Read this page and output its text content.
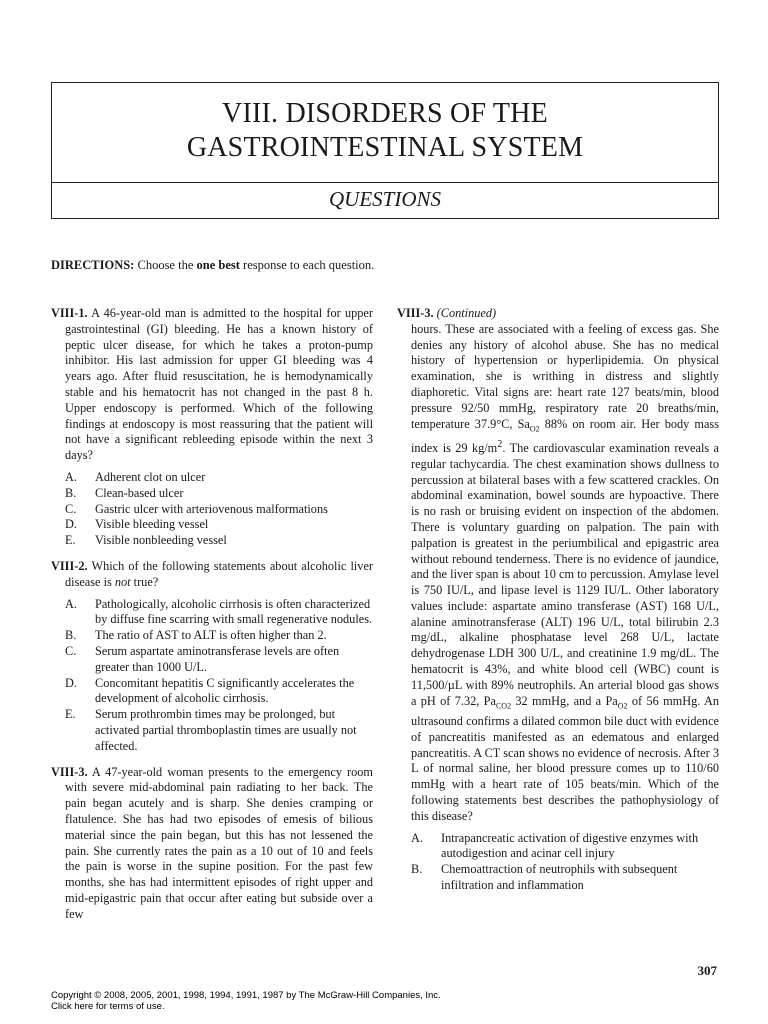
VIII. DISORDERS OF THE
GASTROINTESTINAL SYSTEM
QUESTIONS
DIRECTIONS: Choose the one best response to each question.

VIII-1. A 46-year-old man is admitted to the hospital for upper gastrointestinal (GI) bleeding. He has a known history of peptic ulcer disease, for which he takes a proton-pump inhibitor. His last admission for upper GI bleeding was 4 years ago. After fluid resuscitation, he is hemodynamically stable and his hematocrit has not changed in the past 8 h. Upper endoscopy is performed. Which of the following findings at endoscopy is most reassuring that the patient will not have a significant rebleeding episode within the next 3 days?

A. Adherent clot on ulcer
B. Clean-based ulcer
C. Gastric ulcer with arteriovenous malformations
D. Visible bleeding vessel
E. Visible nonbleeding vessel

VIII-2. Which of the following statements about alcoholic liver disease is not true?

A. Pathologically, alcoholic cirrhosis is often characterized by diffuse fine scarring with small regenerative nodules.
B. The ratio of AST to ALT is often higher than 2.
C. Serum aspartate aminotransferase levels are often greater than 1000 U/L.
D. Concomitant hepatitis C significantly accelerates the development of alcoholic cirrhosis.
E. Serum prothrombin times may be prolonged, but activated partial thromboplastin times are usually not affected.

VIII-3. A 47-year-old woman presents to the emergency room with severe mid-abdominal pain radiating to her back. The pain began acutely and is sharp. She denies cramping or flatulence. She has had two episodes of emesis of bilious material since the pain began, but this has not lessened the pain. She currently rates the pain as a 10 out of 10 and feels the pain is worse in the supine position. For the past few months, she has had intermittent episodes of right upper and mid-epigastric pain that occur after eating but subside over a few

VIII-3. (Continued)

hours. These are associated with a feeling of excess gas. She denies any history of alcohol abuse. She has no medical history of hypertension or hyperlipidemia. On physical examination, she is writhing in distress and slightly diaphoretic. Vital signs are: heart rate 127 beats/min, blood pressure 92/50 mmHg, respiratory rate 20 breaths/min, temperature 37.9°C, $Sa_{O2}$ 88% on room air. Her body mass index is 29 $kg/m^2$. The cardiovascular examination reveals a regular tachycardia. The chest examination shows dullness to percussion at bilateral bases with a few scattered crackles. On abdominal examination, bowel sounds are hypoactive. There is no rash or bruising evident on inspection of the abdomen. There is voluntary guarding on palpation. The pain with palpation is greatest in the periumbilical and epigastric area without rebound tenderness. There is no evidence of jaundice, and the liver span is about 10 cm to percussion. Amylase level is 750 IU/L, and lipase level is 1129 IU/L. Other laboratory values include: aspartate amino transferase (AST) 168 U/L, alanine aminotransferase (ALT) 196 U/L, total bilirubin 2.3 mg/dL, alkaline phosphatase level 268 U/L, lactate dehydrogenase LDH 300 U/L, and creatinine 1.9 mg/dL. The hematocrit is 43%, and white blood cell (WBC) count is 11,500/µL with 89% neutrophils. An arterial blood gas shows a pH of 7.32, $Pa_{CO2}$ 32 mmHg, and a $Pa_{O2}$ of 56 mmHg. An ultrasound confirms a dilated common bile duct with evidence of pancreatitis manifested as an edematous and enlarged pancreatitis. A CT scan shows no evidence of necrosis. After 3 L of normal saline, her blood pressure comes up to 110/60 mmHg with a heart rate of 105 beats/min. Which of the following statements best describes the pathophysiology of this disease?

A. Intrapancreatic activation of digestive enzymes with autodigestion and acinar cell injury
B. Chemoattraction of neutrophils with subsequent infiltration and inflammation
307
Copyright © 2008, 2005, 2001, 1998, 1994, 1991, 1987 by The McGraw-Hill Companies, Inc.
Click here for terms of use.
